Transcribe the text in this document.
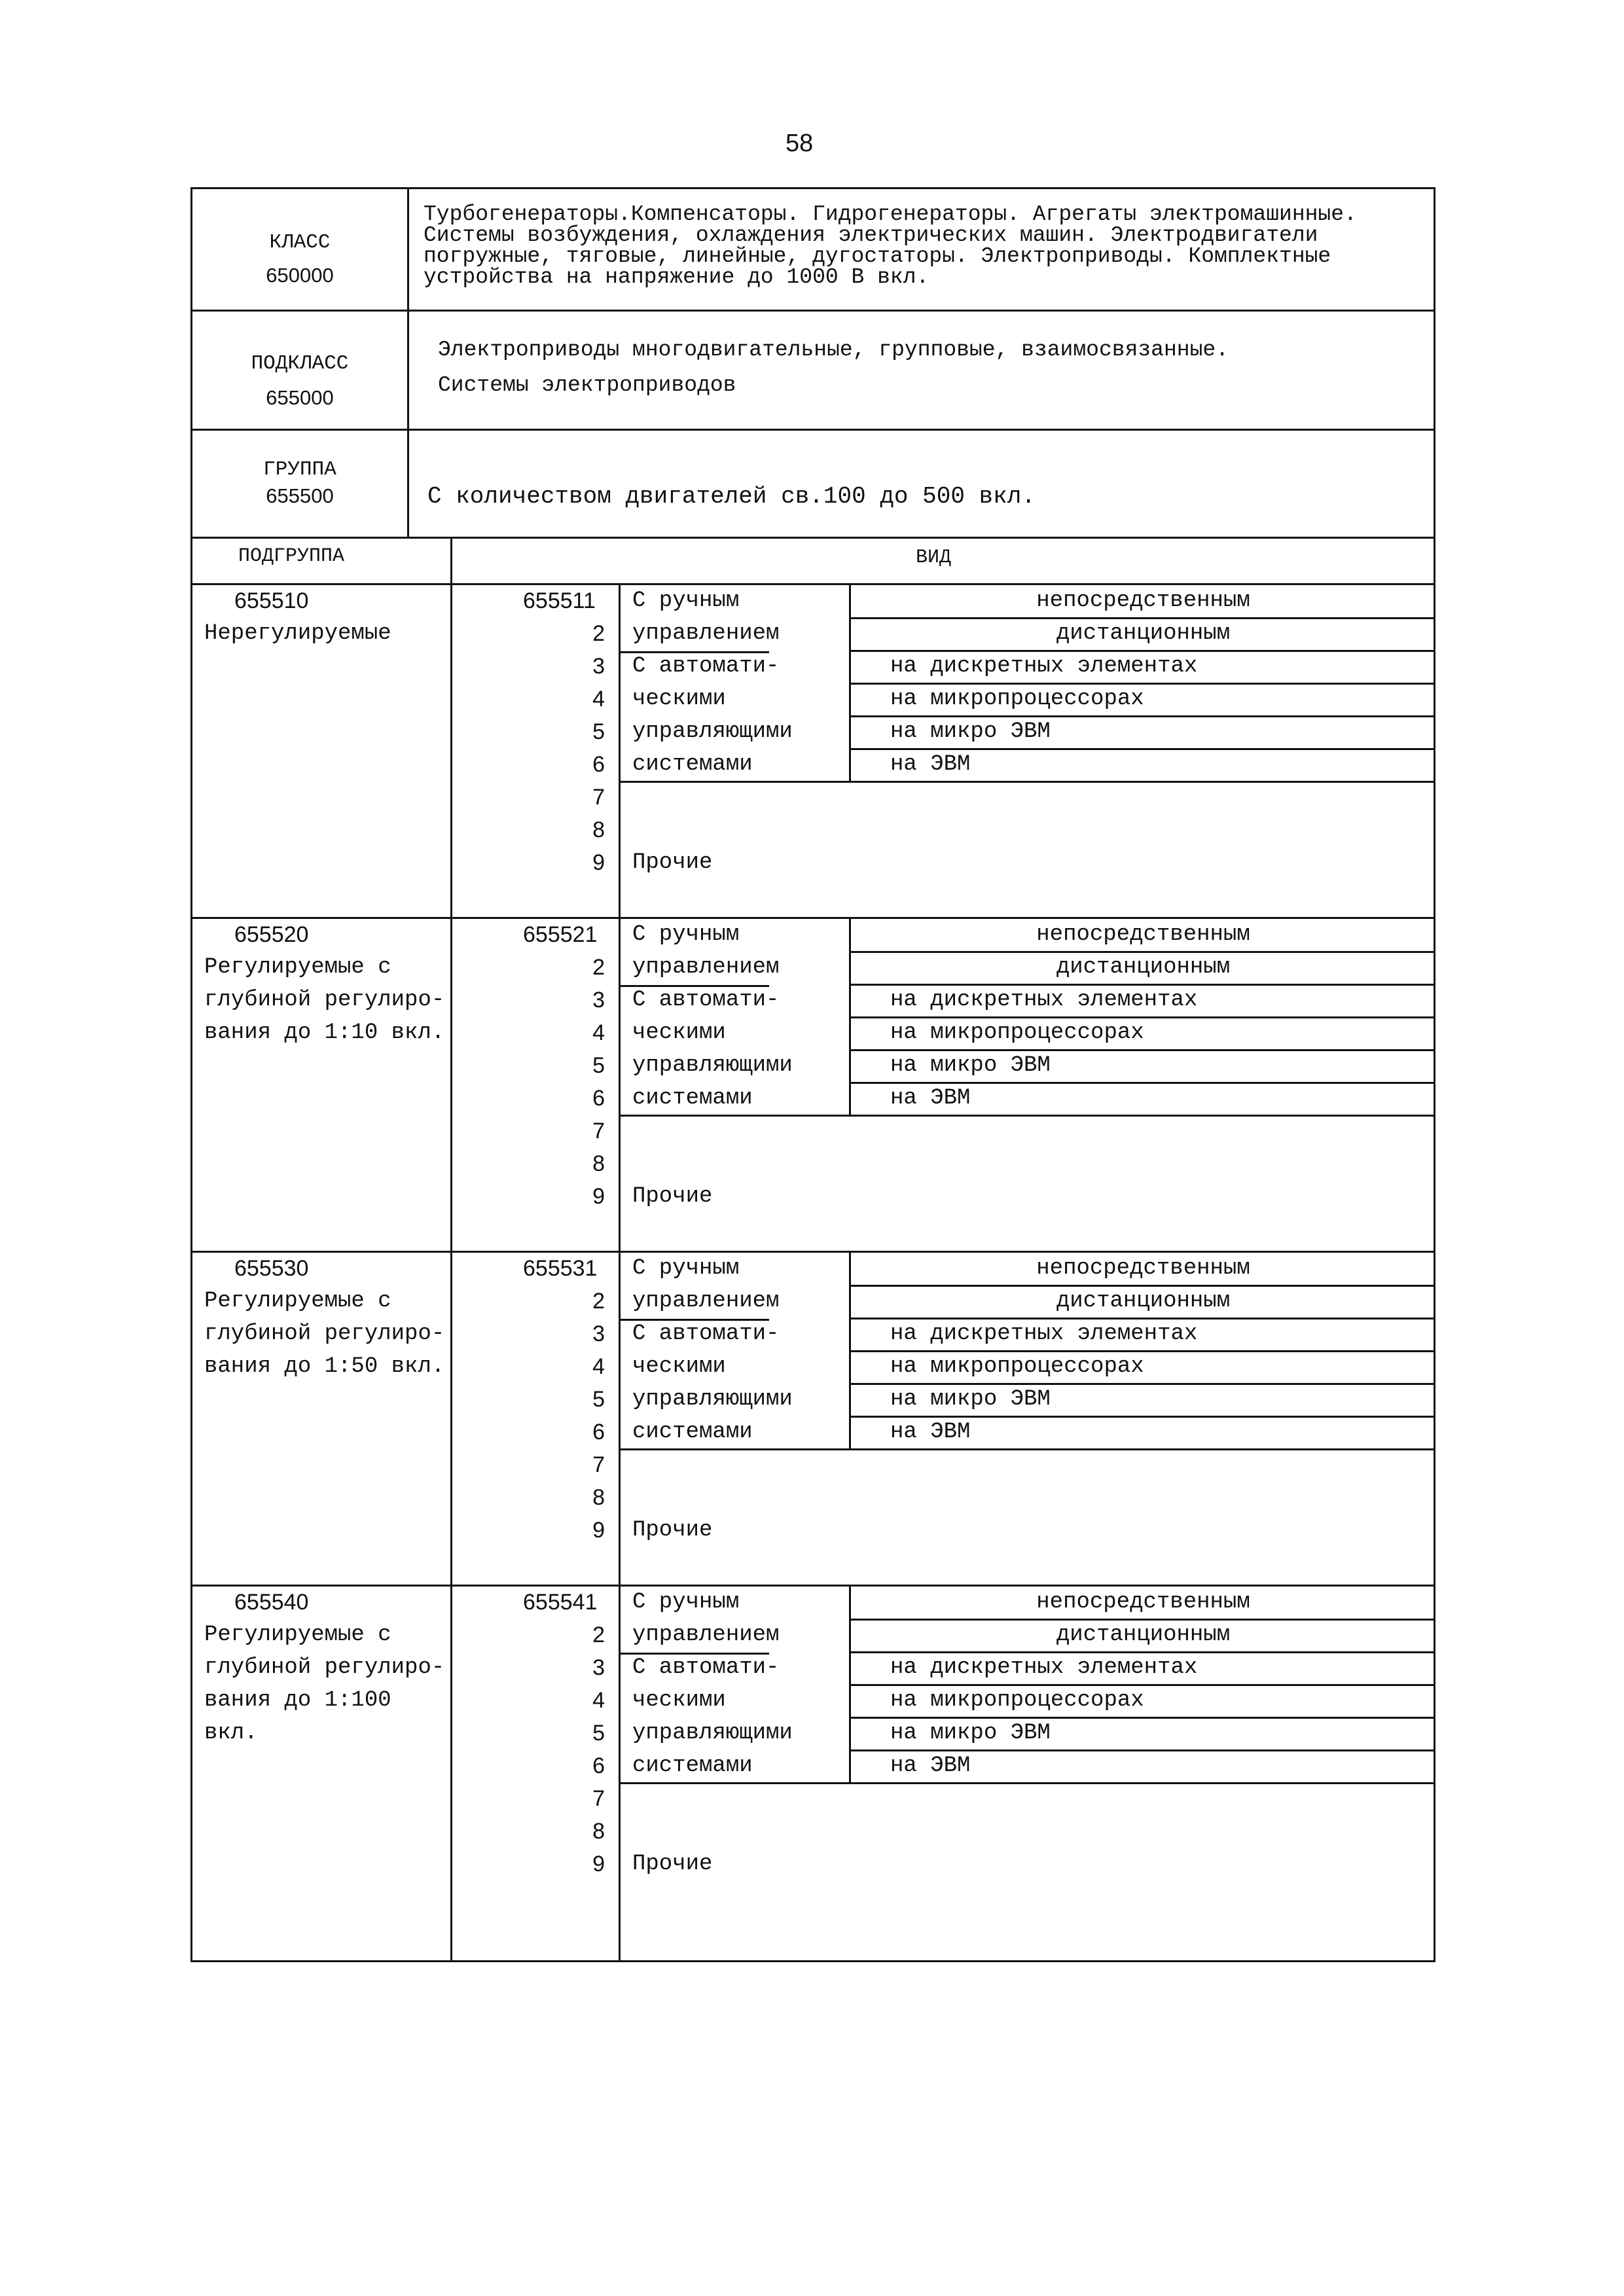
58
КЛАСС
650000
Турбогенераторы.Компенсаторы. Гидрогенераторы. Агрегаты электромашинные.
Системы возбуждения, охлаждения электрических машин. Электродвигатели
погружные, тяговые, линейные, дугостаторы. Электроприводы. Комплектные
устройства на напряжение до 1000 В вкл.
ПОДКЛАСС
655000
Электроприводы многодвигательные, групповые, взаимосвязанные.
Системы электроприводов
ГРУППА
655500	С количеством двигателей св.100 до 500 вкл.
ПОДГРУППА	ВИД
655510
Нерегулируемые
655511
2
3
4
5
6
7
8
9
С ручным
управлением
С автомати-
ческими
управляющими
системами
непосредственным
дистанционным
на дискретных элементах
на микропроцессорах
на микро ЭВМ
на ЭВМ
Прочие
655520
Регулируемые с
глубиной регулиро-
вания до 1:10 вкл.
655521
2
3
4
5
6
7
8
9
С ручным
управлением
С автомати-
ческими
управляющими
системами
непосредственным
дистанционным
на дискретных элементах
на микропроцессорах
на микро ЭВМ
на ЭВМ
Прочие
655530
Регулируемые с
глубиной регулиро-
вания до 1:50 вкл.
655531
2
3
4
5
6
7
8
9
С ручным
управлением
С автомати-
ческими
управляющими
системами
непосредственным
дистанционным
на дискретных элементах
на микропроцессорах
на микро ЭВМ
на ЭВМ
Прочие
655540
Регулируемые с
глубиной регулиро-
вания до 1:100
вкл.
655541
2
3
4
5
6
7
8
9
С ручным
управлением
С автомати-
ческими
управляющими
системами
непосредственным
дистанционным
на дискретных элементах
на микропроцессорах
на микро ЭВМ
на ЭВМ
Прочие
